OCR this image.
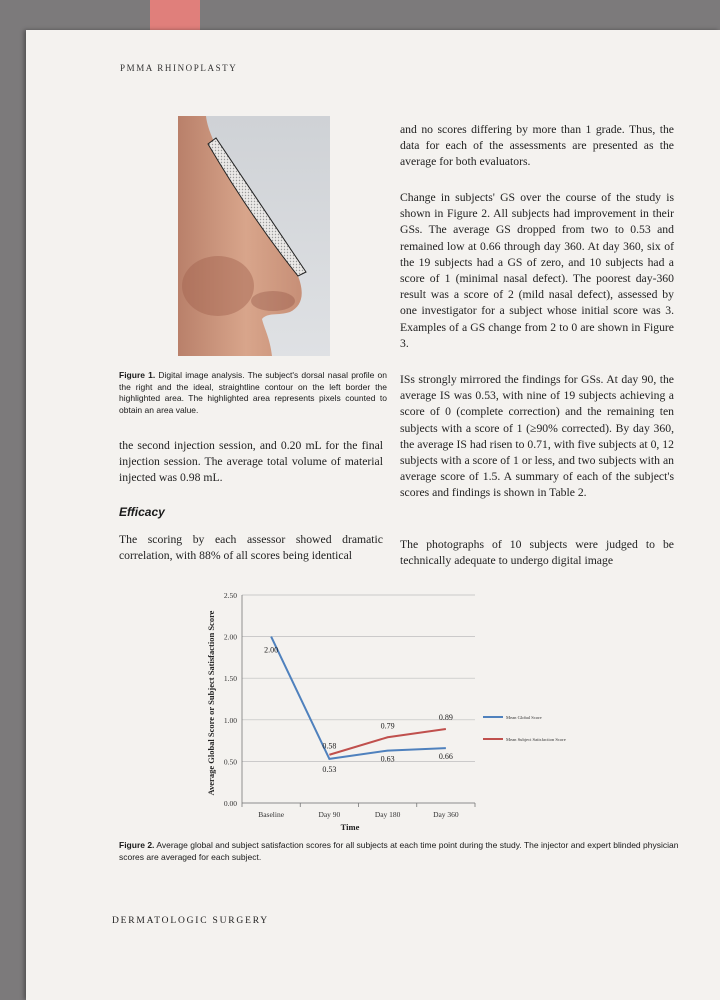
PMMA RHINOPLASTY
Figure 1. Digital image analysis. The subject's dorsal nasal profile on the right and the ideal, straightline contour on the left border the highlighted area. The highlighted area represents pixels counted to obtain an area value.

the second injection session, and 0.20 mL for the final injection session. The average total volume of material injected was 0.98 mL.

Efficacy

The scoring by each assessor showed dramatic correlation, with 88% of all scores being identical

and no scores differing by more than 1 grade. Thus, the data for each of the assessments are presented as the average for both evaluators.

Change in subjects' GS over the course of the study is shown in Figure 2. All subjects had improvement in their GSs. The average GS dropped from two to 0.53 and remained low at 0.66 through day 360. At day 360, six of the 19 subjects had a GS of zero, and 10 subjects had a score of 1 (minimal nasal defect). The poorest day-360 result was a score of 2 (mild nasal defect), assessed by one investigator for a subject whose initial score was 3. Examples of a GS change from 2 to 0 are shown in Figure 3.

ISs strongly mirrored the findings for GSs. At day 90, the average IS was 0.53, with nine of 19 subjects achieving a score of 0 (complete correction) and the remaining ten subjects with a score of 1 (≥90% corrected). By day 360, the average IS had risen to 0.71, with five subjects at 0, 12 subjects with a score of 1 or less, and two subjects with an average score of 1.5. A summary of each of the subject's scores and findings is shown in Table 2.

The photographs of 10 subjects were judged to be technically adequate to undergo digital image

0.00
0.50
1.00
1.50
2.00
2.50
Baseline	Day 90	Day 180	Day 360
2.00
0.53
0.63	0.66
0.58
0.79
0.89	Mean Global Score
Mean Subject Satisfaction Score
Time
Average Global Score or Subject Satisfaction Score
Figure 2. Average global and subject satisfaction scores for all subjects at each time point during the study. The injector and expert blinded physician scores are averaged for each subject.
DERMATOLOGIC SURGERY
